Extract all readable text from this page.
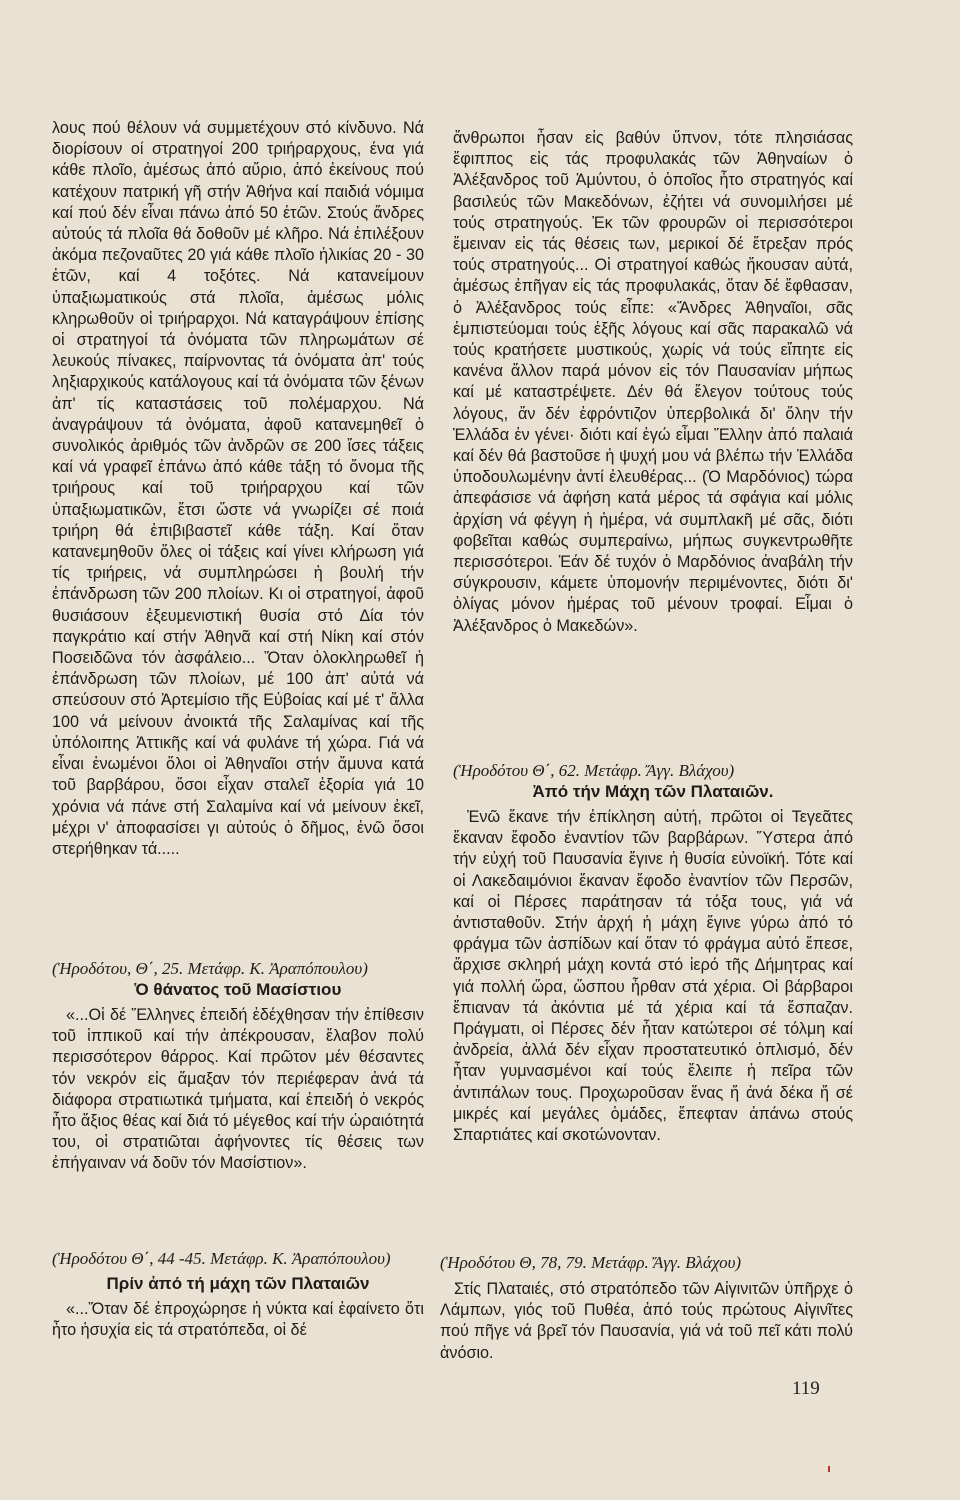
λους πού θέλουν νά συμμετέχουν στό κίνδυνο. Νά διορίσουν οί στρατηγοί 200 τριήραρχους, ένα γιά κάθε πλοῖο, ἀμέσως ἀπό αὔριο, ἀπό ἐκείνους πού κατέχουν πατρική γῆ στήν Ἀθήνα καί παιδιά νόμιμα καί πού δέν εἶναι πάνω ἀπό 50 ἐτῶν. Στούς ἄνδρες αὐτούς τά πλοῖα θά δοθοῦν μέ κλῆρο. Νά ἐπιλέξουν ἀκόμα πεζοναῦτες 20 γιά κάθε πλοῖο ἡλικίας 20 - 30 ἐτῶν, καί 4 τοξότες. Νά κατανείμουν ὑπαξιωματικούς στά πλοῖα, ἀμέσως μόλις κληρωθοῦν οἱ τριήραρχοι. Νά καταγράψουν ἐπίσης οἱ στρατηγοί τά ὀνόματα τῶν πληρωμάτων σέ λευκούς πίνακες, παίρνοντας τά ὀνόματα ἀπ' τούς ληξιαρχικούς κατάλογους καί τά ὀνόματα τῶν ξένων ἀπ' τίς καταστάσεις τοῦ πολέμαρχου. Νά ἀναγράψουν τά ὀνόματα, ἀφοῦ κατανεμηθεῖ ὁ συνολικός ἀριθμός τῶν ἀνδρῶν σε 200 ἴσες τάξεις καί νά γραφεῖ ἐπάνω ἀπό κάθε τάξη τό ὄνομα τῆς τριήρους καί τοῦ τριήραρχου καί τῶν ὑπαξιωματικῶν, ἔτσι ὥστε νά γνωρίζει σέ ποιά τριήρη θά ἐπιβιβαστεῖ κάθε τάξη. Καί ὅταν κατανεμηθοῦν ὅλες οἱ τάξεις καί γίνει κλήρωση γιά τίς τριήρεις, νά συμπληρώσει ἡ βουλή τήν ἐπάνδρωση τῶν 200 πλοίων. Κι οἱ στρατηγοί, ἀφοῦ θυσιάσουν ἐξευμενιστική θυσία στό Δία τόν παγκράτιο καί στήν Ἀθηνᾶ καί στή Νίκη καί στόν Ποσειδῶνα τόν ἀσφάλειο... Ὅταν ὁλοκληρωθεῖ ἡ ἐπάνδρωση τῶν πλοίων, μέ 100 ἀπ' αὐτά νά σπεύσουν στό Ἀρτεμίσιο τῆς Εὐβοίας καί μέ τ' ἄλλα 100 νά μείνουν ἀνοικτά τῆς Σαλαμίνας καί τῆς ὑπόλοιπης Ἀττικῆς καί νά φυλάνε τή χώρα. Γιά νά εἶναι ἑνωμένοι ὅλοι οἱ Ἀθηναῖοι στήν ἄμυνα κατά τοῦ βαρβάρου, ὅσοι εἶχαν σταλεῖ ἐξορία γιά 10 χρόνια νά πάνε στή Σαλαμίνα καί νά μείνουν ἐκεῖ, μέχρι ν' ἀποφασίσει γι αὐτούς ὁ δῆμος, ἐνῶ ὅσοι στερήθηκαν τά.....

(Ἡροδότου, Θ΄, 25. Μετάφρ. Κ. Ἀραπόπουλου)

Ὁ θάνατος τοῦ Μασίστιου

«...Οἱ δέ Ἕλληνες ἐπειδή ἐδέχθησαν τήν ἐπίθεσιν τοῦ ἱππικοῦ καί τήν ἀπέκρουσαν, ἔλαβον πολύ περισσότερον θάρρος. Καί πρῶτον μέν θέσαντες τόν νεκρόν εἰς ἅμαξαν τόν περιέφεραν ἀνά τά διάφορα στρατιωτικά τμήματα, καί ἐπειδή ὁ νεκρός ἦτο ἄξιος θέας καί διά τό μέγεθος καί τήν ὡραιότητά του, οἱ στρατιῶται ἀφήνοντες τίς θέσεις των ἐπήγαιναν νά δοῦν τόν Μασίστιον».

(Ἡροδότου Θ΄, 44 -45. Μετάφρ. Κ. Ἀραπόπουλου)

Πρίν ἀπό τή μάχη τῶν Πλαταιῶν

«...Ὅταν δέ ἐπροχώρησε ἡ νύκτα καί ἐφαίνετο ὅτι ἦτο ἡσυχία εἰς τά στρατόπεδα, οἱ δέ

ἄνθρωποι ἦσαν εἰς βαθύν ὕπνον, τότε πλησιάσας ἔφιππος εἰς τάς προφυλακάς τῶν Ἀθηναίων ὁ Ἀλέξανδρος τοῦ Ἀμύντου, ὁ ὁποῖος ἦτο στρατηγός καί βασιλεύς τῶν Μακεδόνων, ἐζήτει νά συνομιλήσει μέ τούς στρατηγούς. Ἐκ τῶν φρουρῶν οἱ περισσότεροι ἔμειναν εἰς τάς θέσεις των, μερικοί δέ ἔτρεξαν πρός τούς στρατηγούς... Οἱ στρατηγοί καθώς ἤκουσαν αὐτά, ἀμέσως ἐπῆγαν εἰς τάς προφυλακάς, ὅταν δέ ἔφθασαν, ὁ Ἀλέξανδρος τούς εἶπε: «Ἄνδρες Ἀθηναῖοι, σᾶς ἐμπιστεύομαι τούς ἑξῆς λόγους καί σᾶς παρακαλῶ νά τούς κρατήσετε μυστικούς, χωρίς νά τούς εἴπητε εἰς κανένα ἄλλον παρά μόνον εἰς τόν Παυσανίαν μήπως καί μέ καταστρέψετε. Δέν θά ἔλεγον τούτους τούς λόγους, ἄν δέν ἐφρόντιζον ὑπερβολικά δι' ὅλην τήν Ἑλλάδα ἐν γένει· διότι καί ἐγώ εἶμαι Ἕλλην ἀπό παλαιά καί δέν θά βαστοῦσε ἡ ψυχή μου νά βλέπω τήν Ἑλλάδα ὑποδουλωμένην ἀντί ἐλευθέρας... (Ὁ Μαρδόνιος) τώρα ἀπεφάσισε νά ἀφήση κατά μέρος τά σφάγια καί μόλις ἀρχίση νά φέγγη ἡ ἡμέρα, νά συμπλακῆ μέ σᾶς, διότι φοβεῖται καθώς συμπεραίνω, μήπως συγκεντρωθῆτε περισσότεροι. Ἐάν δέ τυχόν ὁ Μαρδόνιος ἀναβάλη τήν σύγκρουσιν, κάμετε ὑπομονήν περιμένοντες, διότι δι' ὀλίγας μόνον ἡμέρας τοῦ μένουν τροφαί. Εἶμαι ὁ Ἀλέξανδρος ὁ Μακεδών».

(Ἡροδότου Θ΄, 62. Μετάφρ. Ἄγγ. Βλάχου)

Ἀπό τήν Μάχη τῶν Πλαταιῶν.

Ἐνῶ ἔκανε τήν ἐπίκληση αὐτή, πρῶτοι οἱ Τεγεᾶτες ἔκαναν ἔφοδο ἐναντίον τῶν βαρβάρων. Ὕστερα ἀπό τήν εὐχή τοῦ Παυσανία ἔγινε ἡ θυσία εὐνοϊκή. Τότε καί οἱ Λακεδαιμόνιοι ἔκαναν ἔφοδο ἐναντίον τῶν Περσῶν, καί οἱ Πέρσες παράτησαν τά τόξα τους, γιά νά ἀντισταθοῦν. Στήν ἀρχή ἡ μάχη ἔγινε γύρω ἀπό τό φράγμα τῶν ἀσπίδων καί ὅταν τό φράγμα αὐτό ἔπεσε, ἄρχισε σκληρή μάχη κοντά στό ἱερό τῆς Δήμητρας καί γιά πολλή ὥρα, ὥσπου ἦρθαν στά χέρια. Οἱ βάρβαροι ἔπιαναν τά ἀκόντια μέ τά χέρια καί τά ἔσπαζαν. Πράγματι, οἱ Πέρσες δέν ἦταν κατώτεροι σέ τόλμη καί ἀνδρεία, ἀλλά δέν εἶχαν προστατευτικό ὁπλισμό, δέν ἦταν γυμνασμένοι καί τούς ἔλειπε ἡ πεῖρα τῶν ἀντιπάλων τους. Προχωροῦσαν ἕνας ἤ ἀνά δέκα ἤ σέ μικρές καί μεγάλες ὁμάδες, ἔπεφταν ἀπάνω στούς Σπαρτιάτες καί σκοτώνονταν.

(Ἡροδότου Θ, 78, 79. Μετάφρ. Ἄγγ. Βλάχου)

Στίς Πλαταιές, στό στρατόπεδο τῶν Αἰγινιτῶν ὑπῆρχε ὁ Λάμπων, γιός τοῦ Πυθέα, ἀπό τούς πρώτους Αἰγινῖτες πού πῆγε νά βρεῖ τόν Παυσανία, γιά νά τοῦ πεῖ κάτι πολύ ἀνόσιο.

119
